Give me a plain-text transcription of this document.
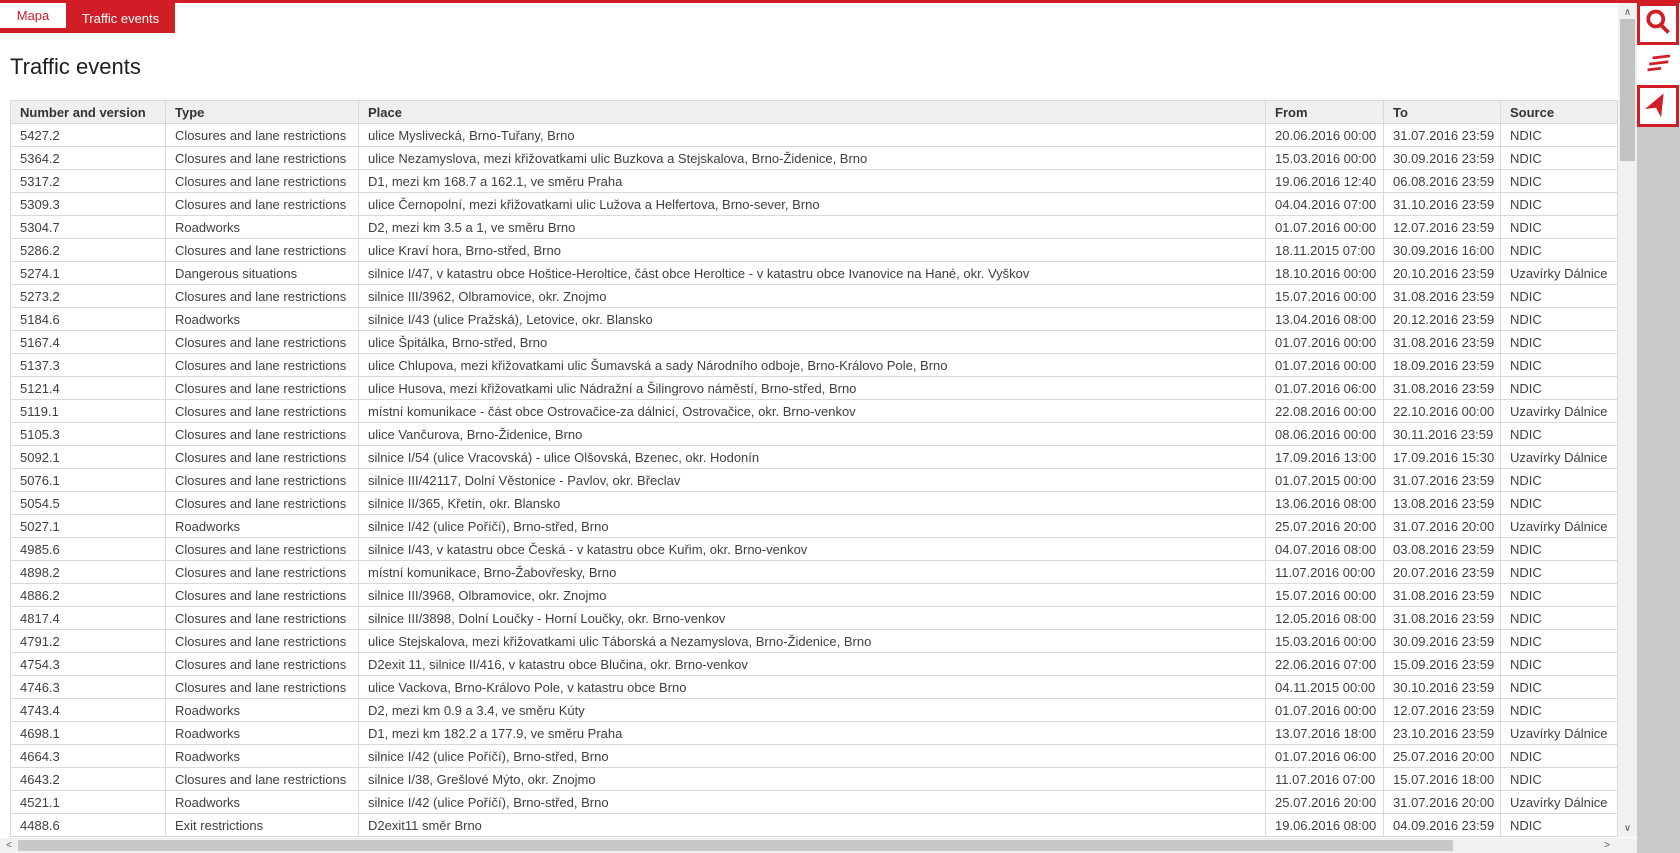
Mapa	Traffic events
Traffic events
Number and version	Type	Place	From	To	Source
5427.2	Closures and lane restrictions	ulice Myslivecká, Brno-Tuřany, Brno	20.06.2016 00:00	31.07.2016 23:59	NDIC
5364.2	Closures and lane restrictions	ulice Nezamyslova, mezi křižovatkami ulic Buzkova a Stejskalova, Brno-Židenice, Brno	15.03.2016 00:00	30.09.2016 23:59	NDIC
5317.2	Closures and lane restrictions	D1, mezi km 168.7 a 162.1, ve směru Praha	19.06.2016 12:40	06.08.2016 23:59	NDIC
5309.3	Closures and lane restrictions	ulice Černopolní, mezi křižovatkami ulic Lužova a Helfertova, Brno-sever, Brno	04.04.2016 07:00	31.10.2016 23:59	NDIC
5304.7	Roadworks	D2, mezi km 3.5 a 1, ve směru Brno	01.07.2016 00:00	12.07.2016 23:59	NDIC
5286.2	Closures and lane restrictions	ulice Kraví hora, Brno-střed, Brno	18.11.2015 07:00	30.09.2016 16:00	NDIC
5274.1	Dangerous situations	silnice I/47, v katastru obce Hoštice-Heroltice, část obce Heroltice - v katastru obce Ivanovice na Hané, okr. Vyškov	18.10.2016 00:00	20.10.2016 23:59	Uzavírky Dálnice
5273.2	Closures and lane restrictions	silnice III/3962, Olbramovice, okr. Znojmo	15.07.2016 00:00	31.08.2016 23:59	NDIC
5184.6	Roadworks	silnice I/43 (ulice Pražská), Letovice, okr. Blansko	13.04.2016 08:00	20.12.2016 23:59	NDIC
5167.4	Closures and lane restrictions	ulice Špitálka, Brno-střed, Brno	01.07.2016 00:00	31.08.2016 23:59	NDIC
5137.3	Closures and lane restrictions	ulice Chlupova, mezi křižovatkami ulic Šumavská a sady Národního odboje, Brno-Královo Pole, Brno	01.07.2016 00:00	18.09.2016 23:59	NDIC
5121.4	Closures and lane restrictions	ulice Husova, mezi křižovatkami ulic Nádražní a Šilingrovo náměstí, Brno-střed, Brno	01.07.2016 06:00	31.08.2016 23:59	NDIC
5119.1	Closures and lane restrictions	místní komunikace - část obce Ostrovačice-za dálnicí, Ostrovačice, okr. Brno-venkov	22.08.2016 00:00	22.10.2016 00:00	Uzavírky Dálnice
5105.3	Closures and lane restrictions	ulice Vančurova, Brno-Židenice, Brno	08.06.2016 00:00	30.11.2016 23:59	NDIC
5092.1	Closures and lane restrictions	silnice I/54 (ulice Vracovská) - ulice Olšovská, Bzenec, okr. Hodonín	17.09.2016 13:00	17.09.2016 15:30	Uzavírky Dálnice
5076.1	Closures and lane restrictions	silnice III/42117, Dolní Věstonice - Pavlov, okr. Břeclav	01.07.2015 00:00	31.07.2016 23:59	NDIC
5054.5	Closures and lane restrictions	silnice II/365, Křetín, okr. Blansko	13.06.2016 08:00	13.08.2016 23:59	NDIC
5027.1	Roadworks	silnice I/42 (ulice Poříčí), Brno-střed, Brno	25.07.2016 20:00	31.07.2016 20:00	Uzavírky Dálnice
4985.6	Closures and lane restrictions	silnice I/43, v katastru obce Česká - v katastru obce Kuřim, okr. Brno-venkov	04.07.2016 08:00	03.08.2016 23:59	NDIC
4898.2	Closures and lane restrictions	místní komunikace, Brno-Žabovřesky, Brno	11.07.2016 00:00	20.07.2016 23:59	NDIC
4886.2	Closures and lane restrictions	silnice III/3968, Olbramovice, okr. Znojmo	15.07.2016 00:00	31.08.2016 23:59	NDIC
4817.4	Closures and lane restrictions	silnice III/3898, Dolní Loučky - Horní Loučky, okr. Brno-venkov	12.05.2016 08:00	31.08.2016 23:59	NDIC
4791.2	Closures and lane restrictions	ulice Stejskalova, mezi křižovatkami ulic Táborská a Nezamyslova, Brno-Židenice, Brno	15.03.2016 00:00	30.09.2016 23:59	NDIC
4754.3	Closures and lane restrictions	D2exit 11, silnice II/416, v katastru obce Blučina, okr. Brno-venkov	22.06.2016 07:00	15.09.2016 23:59	NDIC
4746.3	Closures and lane restrictions	ulice Vackova, Brno-Královo Pole, v katastru obce Brno	04.11.2015 00:00	30.10.2016 23:59	NDIC
4743.4	Roadworks	D2, mezi km 0.9 a 3.4, ve směru Kúty	01.07.2016 00:00	12.07.2016 23:59	NDIC
4698.1	Roadworks	D1, mezi km 182.2 a 177.9, ve směru Praha	13.07.2016 18:00	23.10.2016 23:59	Uzavírky Dálnice
4664.3	Roadworks	silnice I/42 (ulice Poříčí), Brno-střed, Brno	01.07.2016 06:00	25.07.2016 20:00	NDIC
4643.2	Closures and lane restrictions	silnice I/38, Grešlové Mýto, okr. Znojmo	11.07.2016 07:00	15.07.2016 18:00	NDIC
4521.1	Roadworks	silnice I/42 (ulice Poříčí), Brno-střed, Brno	25.07.2016 20:00	31.07.2016 20:00	Uzavírky Dálnice
4488.6	Exit restrictions	D2exit11 směr Brno	19.06.2016 08:00	04.09.2016 23:59	NDIC
∧
∨
<	>
